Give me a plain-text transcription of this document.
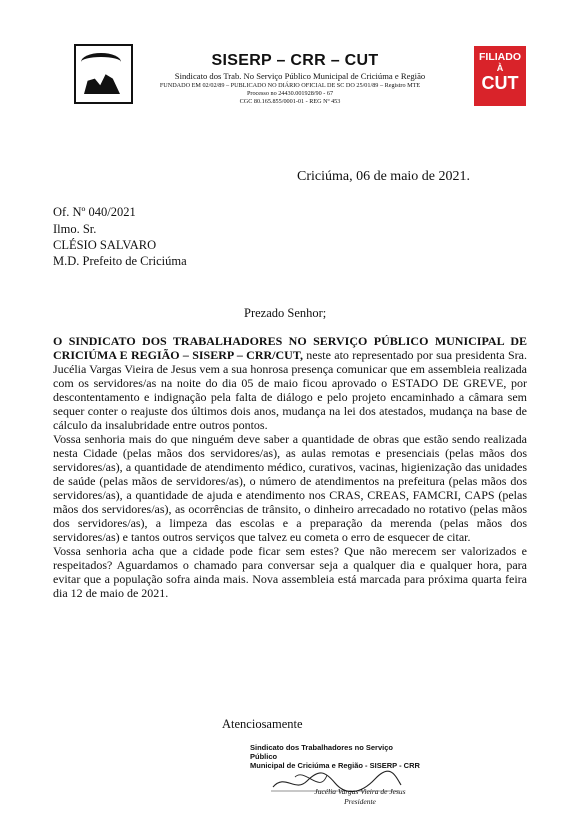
SISERP – CRR – CUT
Sindicato dos Trab. No Serviço Público Municipal de Criciúma e Região
FUNDADO EM 02/02/89 – PUBLICADO NO DIÁRIO OFICIAL DE SC DO 25/01/89 – Registro MTE
Processo no 24430.001928/90 - 67
CGC 80.165.855/0001-01 - REG Nº 453
FILIADO
À
CUT
Criciúma, 06 de maio de 2021.
Of. Nº 040/2021
Ilmo. Sr.
CLÉSIO SALVARO
M.D. Prefeito de Criciúma
Prezado Senhor;

O SINDICATO DOS TRABALHADORES NO SERVIÇO PÚBLICO MUNICIPAL DE CRICIÚMA E REGIÃO – SISERP – CRR/CUT, neste ato representado por sua presidenta Sra. Jucélia Vargas Vieira de Jesus vem a sua honrosa presença comunicar que em assembleia realizada com os servidores/as na noite do dia 05 de maio ficou aprovado o ESTADO DE GREVE, por descontentamento e indignação pela falta de diálogo e pelo projeto encaminhado a câmara sem sequer conter o reajuste dos últimos dois anos, mudança na lei dos atestados, mudança na base de cálculo da insalubridade entre outros pontos.

Vossa senhoria mais do que ninguém deve saber a quantidade de obras que estão sendo realizada nesta Cidade (pelas mãos dos servidores/as), as aulas remotas e presenciais (pelas mãos dos servidores/as), a quantidade de atendimento médico, curativos, vacinas, higienização das unidades de saúde (pelas mãos de servidores/as), o número de atendimentos na prefeitura (pelas mãos dos servidores/as), a quantidade de ajuda e atendimento nos CRAS, CREAS, FAMCRI, CAPS (pelas mãos dos servidores/as), as ocorrências de trânsito, o dinheiro arrecadado no rotativo (pelas mãos dos servidores/as), a limpeza das escolas e a preparação da merenda (pelas mãos dos servidores/as) e tantos outros serviços que talvez eu cometa o erro de esquecer de citar.

Vossa senhoria acha que a cidade pode ficar sem estes? Que não merecem ser valorizados e respeitados? Aguardamos o chamado para conversar seja a qualquer dia e qualquer hora, para evitar que a população sofra ainda mais. Nova assembleia está marcada para próxima quarta feira dia 12 de maio de 2021.

Atenciosamente
Sindicato dos Trabalhadores no Serviço Público
Municipal de Criciúma e Região - SISERP - CRR
Jucélia Vargas Vieira de Jesus
Presidente
